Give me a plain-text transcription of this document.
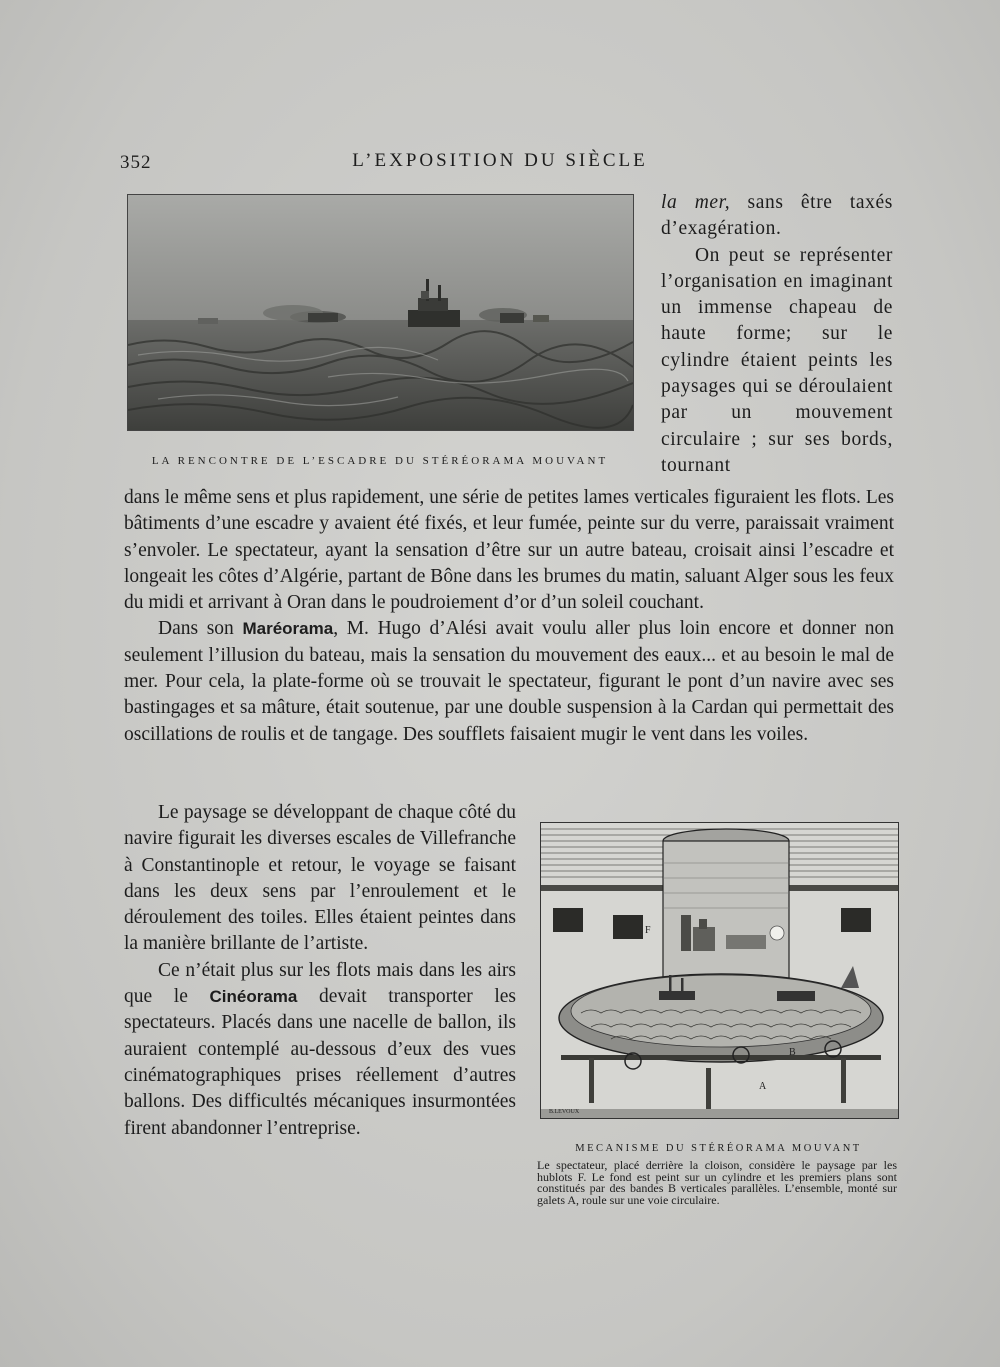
352	L’EXPOSITION DU SIÈCLE
LA RENCONTRE DE L’ESCADRE DU STÉRÉORAMA MOUVANT

la mer, sans être taxés d’exagération.

On peut se représenter l’organisation en imaginant un immense chapeau de haute forme; sur le cylindre étaient peints les paysages qui se déroulaient par un mouvement circulaire ; sur ses bords, tournant

dans le même sens et plus rapidement, une série de petites lames verticales figuraient les flots. Les bâtiments d’une escadre y avaient été fixés, et leur fumée, peinte sur du verre, paraissait vraiment s’envoler. Le spectateur, ayant la sensation d’être sur un autre bateau, croisait ainsi l’escadre et longeait les côtes d’Algérie, partant de Bône dans les brumes du matin, saluant Alger sous les feux du midi et arrivant à Oran dans le poudroiement d’or d’un soleil couchant.

Dans son Maréorama, M. Hugo d’Alési avait voulu aller plus loin encore et donner non seulement l’illusion du bateau, mais la sensation du mouvement des eaux... et au besoin le mal de mer. Pour cela, la plate-forme où se trouvait le spectateur, figurant le pont d’un navire avec ses bastingages et sa mâture, était soutenue, par une double suspension à la Cardan qui permettait des oscillations de roulis et de tangage. Des soufflets faisaient mugir le vent dans les voiles.

Le paysage se développant de chaque côté du navire figurait les diverses escales de Villefranche à Constantinople et retour, le voyage se faisant dans les deux sens par l’enroulement et le déroulement des toiles. Elles étaient peintes dans la manière brillante de l’artiste.

Ce n’était plus sur les flots mais dans les airs que le Cinéorama devait transporter les spectateurs. Placés dans une nacelle de ballon, ils auraient contemplé au-dessous d’eux des vues cinématographiques prises réellement d’autres ballons. Des difficultés mécaniques insurmontées firent abandonner l’entreprise.

F
A
B
B.LEVOUX
MECANISME DU STÉRÉORAMA MOUVANT
Le spectateur, placé derrière la cloison, considère le paysage par les hublots F. Le fond est peint sur un cylindre et les premiers plans sont constitués par des bandes B verticales parallèles. L’ensemble, monté sur galets A, roule sur une voie circulaire.
